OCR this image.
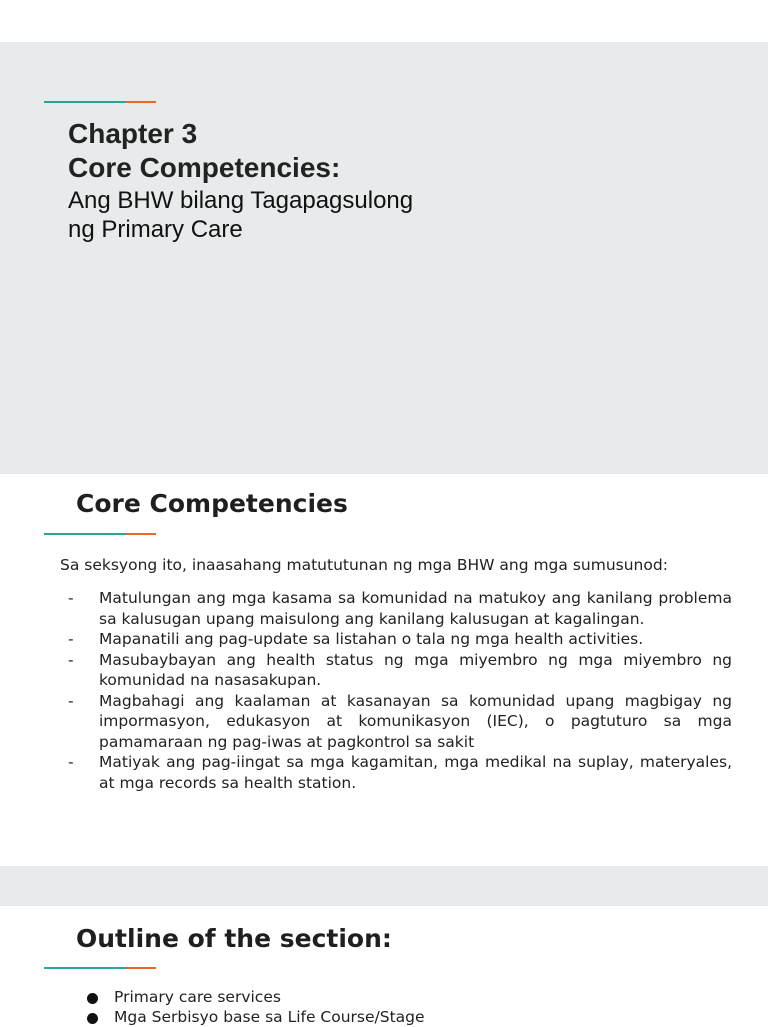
Chapter 3
Core Competencies:
Ang BHW bilang Tagapagsulong
ng Primary Care
Core Competencies
Sa seksyong ito, inaasahang matututunan ng mga BHW ang mga sumusunod:
- Matulungan ang mga kasama sa komunidad na matukoy ang kanilang problema sa kalusugan upang maisulong ang kanilang kalusugan at kagalingan.
- Mapanatili ang pag-update sa listahan o tala ng mga health activities.
- Masubaybayan ang health status ng mga miyembro ng mga miyembro ng komunidad na nasasakupan.
- Magbahagi ang kaalaman at kasanayan sa komunidad upang magbigay ng impormasyon, edukasyon at komunikasyon (IEC), o pagtuturo sa mga pamamaraan ng pag-iwas at pagkontrol sa sakit
- Matiyak ang pag-iingat sa mga kagamitan, mga medikal na suplay, materyales, at mga records sa health station.
Outline of the section:
Primary care services
Mga Serbisyo base sa Life Course/Stage
